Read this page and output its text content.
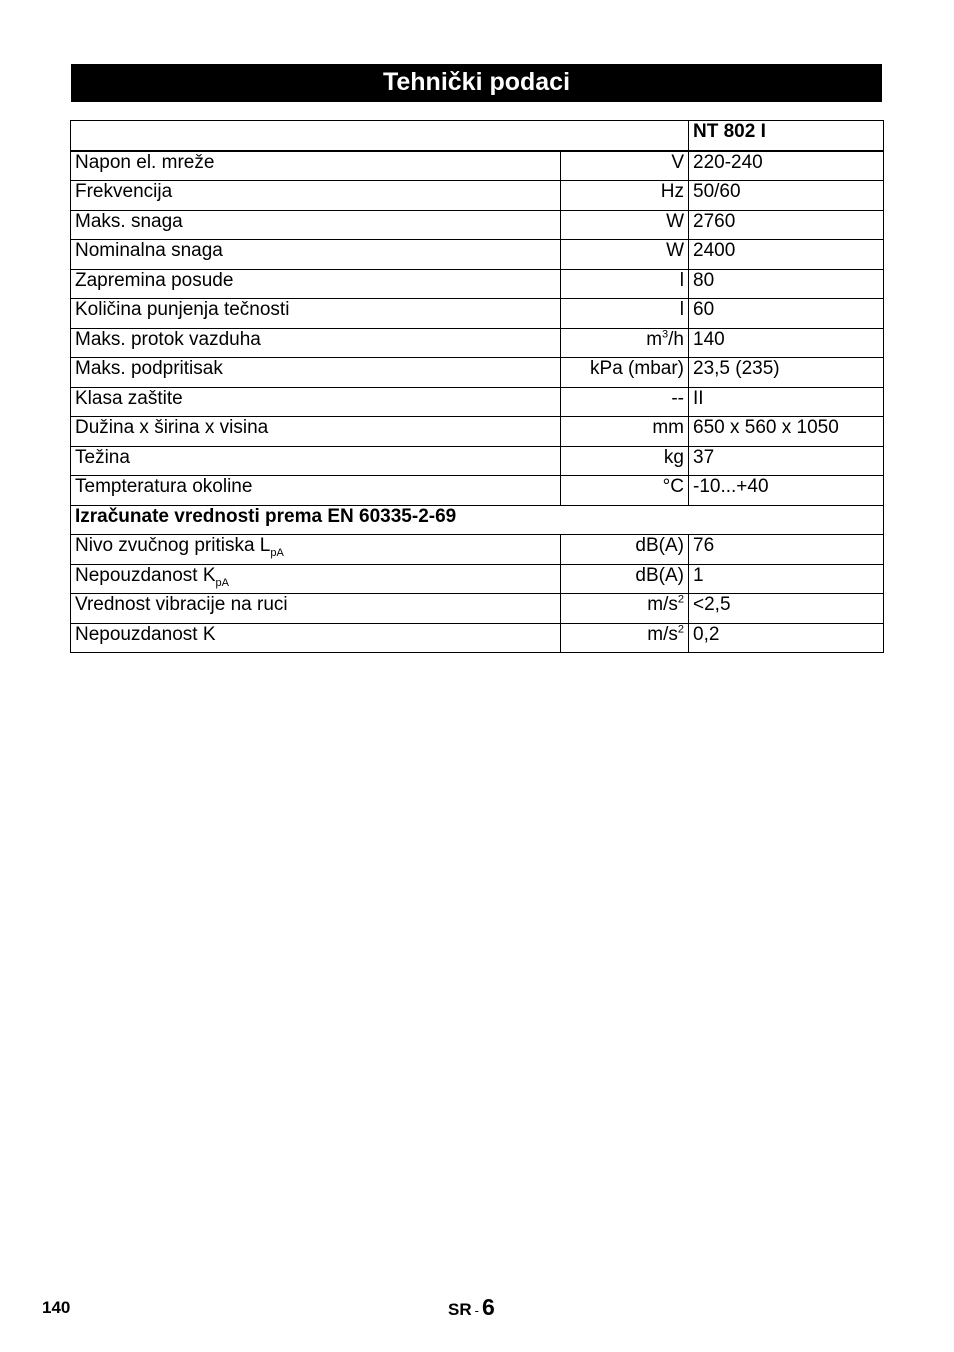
Tehnički podaci
		NT 802 I
Napon el. mreže	V	220-240
Frekvencija	Hz	50/60
Maks. snaga	W	2760
Nominalna snaga	W	2400
Zapremina posude	l	80
Količina punjenja tečnosti	l	60
Maks. protok vazduha	$m^3/h$	140
Maks. podpritisak	kPa (mbar)	23,5 (235)
Klasa zaštite	--	II
Dužina x širina x visina	mm	650 x 560 x 1050
Težina	kg	37
Tempteratura okoline	°C	-10...+40
Izračunate vrednosti prema EN 60335-2-69		
Nivo zvučnog pritiska $L_{pA}$	dB(A)	76
Nepouzdanost $K_{pA}$	dB(A)	1
Vrednost vibracije na ruci	$m/s^2$	<2,5
Nepouzdanost K	$m/s^2$	0,2
140	SR - 6
